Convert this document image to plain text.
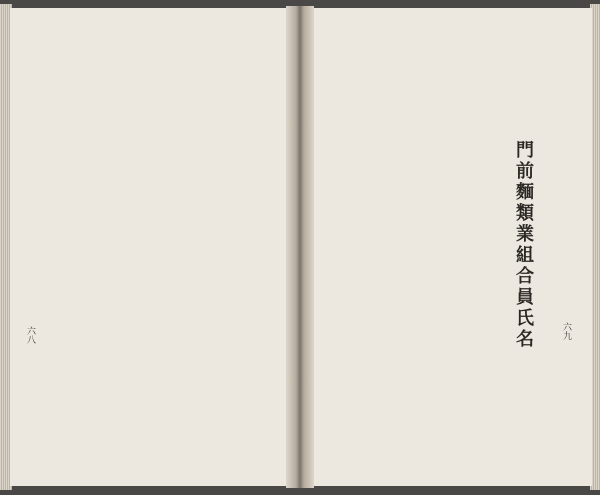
門前麵類業組合員氏名	六九
六八
